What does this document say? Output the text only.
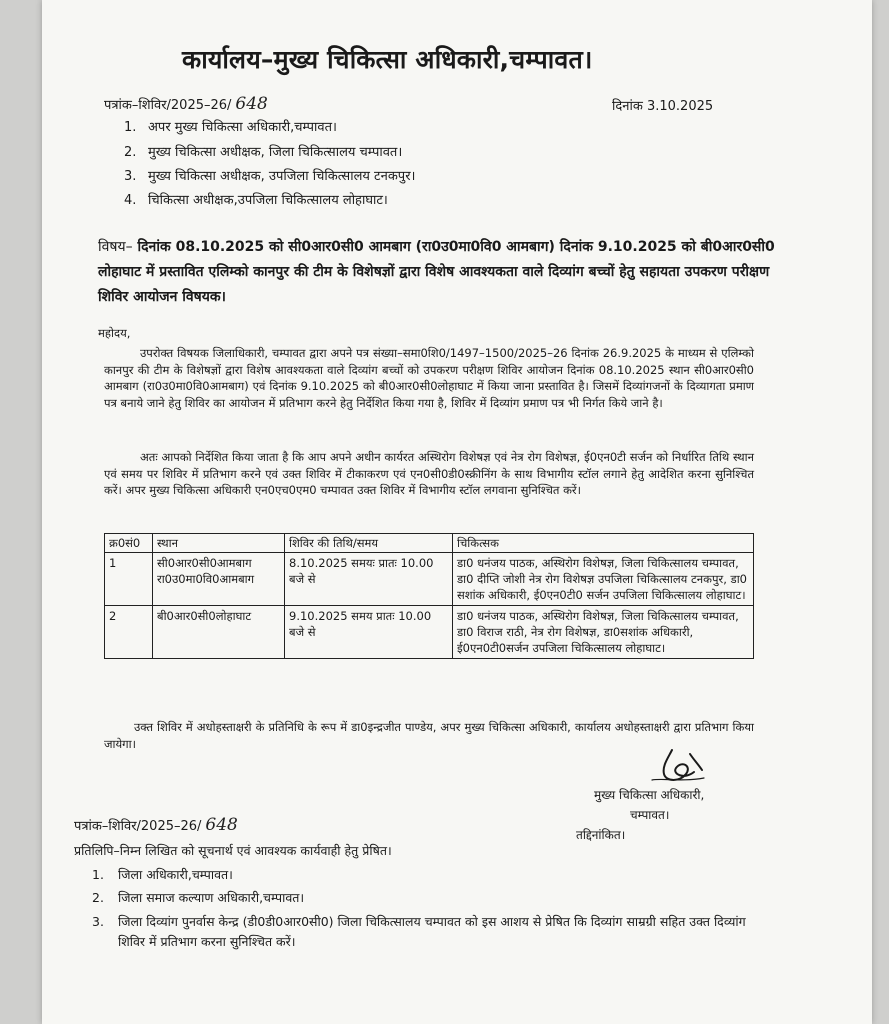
कार्यालय–मुख्य चिकित्सा अधिकारी,चम्पावत।
पत्रांक–शिविर/2025–26/ 648	दिनांक 3.10.2025
1. अपर मुख्य चिकित्सा अधिकारी,चम्पावत।
2. मुख्य चिकित्सा अधीक्षक, जिला चिकित्सालय चम्पावत।
3. मुख्य चिकित्सा अधीक्षक, उपजिला चिकित्सालय टनकपुर।
4. चिकित्सा अधीक्षक,उपजिला चिकित्सालय लोहाघाट।
विषय– दिनांक 08.10.2025 को सी0आर0सी0 आमबाग (रा0उ0मा0वि0 आमबाग) दिनांक 9.10.2025 को बी0आर0सी0 लोहाघाट में प्रस्तावित एलिम्को कानपुर की टीम के विशेषज्ञों द्वारा विशेष आवश्यकता वाले दिव्यांग बच्चों हेतु सहायता उपकरण परीक्षण शिविर आयोजन विषयक।
महोदय,
उपरोक्त विषयक जिलाधिकारी, चम्पावत द्वारा अपने पत्र संख्या–समा0शि0/1497–1500/2025–26 दिनांक 26.9.2025 के माध्यम से एलिम्को कानपुर की टीम के विशेषज्ञों द्वारा विशेष आवश्यकता वाले दिव्यांग बच्चों को उपकरण परीक्षण शिविर आयोजन दिनांक 08.10.2025 स्थान सी0आर0सी0 आमबाग (रा0उ0मा0वि0आमबाग) एवं दिनांक 9.10.2025 को बी0आर0सी0लोहाघाट में किया जाना प्रस्तावित है। जिसमें दिव्यांगजनों के दिव्यागता प्रमाण पत्र बनाये जाने हेतु शिविर का आयोजन में प्रतिभाग करने हेतु निर्देशित किया गया है, शिविर में दिव्यांग प्रमाण पत्र भी निर्गत किये जाने है।
अतः आपको निर्देशित किया जाता है कि आप अपने अधीन कार्यरत अस्थिरोग विशेषज्ञ एवं नेत्र रोग विशेषज्ञ, ई0एन0टी सर्जन को निर्धारित तिथि स्थान एवं समय पर शिविर में प्रतिभाग करने एवं उक्त शिविर में टीकाकरण एवं एन0सी0डी0स्क्रीनिंग के साथ विभागीय स्टॉल लगाने हेतु आदेशित करना सुनिश्चित करें। अपर मुख्य चिकित्सा अधिकारी एन0एच0एम0 चम्पावत उक्त शिविर में विभागीय स्टॉल लगवाना सुनिश्चित करें।
क्र0सं0	स्थान	शिविर की तिथि/समय	चिकित्सक
1	सी0आर0सी0आमबाग रा0उ0मा0वि0आमबाग	8.10.2025 समयः प्रातः 10.00 बजे से	डा0 धनंजय पाठक, अस्थिरोग विशेषज्ञ, जिला चिकित्सालय चम्पावत, डा0 दीप्ति जोशी नेत्र रोग विशेषज्ञ उपजिला चिकित्सालय टनकपुर, डा0 सशांक अधिकारी, ई0एन0टी0 सर्जन उपजिला चिकित्सालय लोहाघाट।
2	बी0आर0सी0लोहाघाट	9.10.2025 समय प्रातः 10.00 बजे से	डा0 धनंजय पाठक, अस्थिरोग विशेषज्ञ, जिला चिकित्सालय चम्पावत, डा0 विराज राठी, नेत्र रोग विशेषज्ञ, डा0सशांक अधिकारी, ई0एन0टी0सर्जन उपजिला चिकित्सालय लोहाघाट।
उक्त शिविर में अधोहस्ताक्षरी के प्रतिनिधि के रूप में डा0इन्द्रजीत पाण्डेय, अपर मुख्य चिकित्सा अधिकारी, कार्यालय अधोहस्ताक्षरी द्वारा प्रतिभाग किया जायेगा।
मुख्य चिकित्सा अधिकारी,
चम्पावत।
तद्दिनांकित।
पत्रांक–शिविर/2025–26/ 648
प्रतिलिपि–निम्न लिखित को सूचनार्थ एवं आवश्यक कार्यवाही हेतु प्रेषित।
1. जिला अधिकारी,चम्पावत।
2. जिला समाज कल्याण अधिकारी,चम्पावत।
3. जिला दिव्यांग पुनर्वास केन्द्र (डी0डी0आर0सी0) जिला चिकित्सालय चम्पावत को इस आशय से प्रेषित कि दिव्यांग साम्रग्री सहित उक्त दिव्यांग शिविर में प्रतिभाग करना सुनिश्चित करें।
